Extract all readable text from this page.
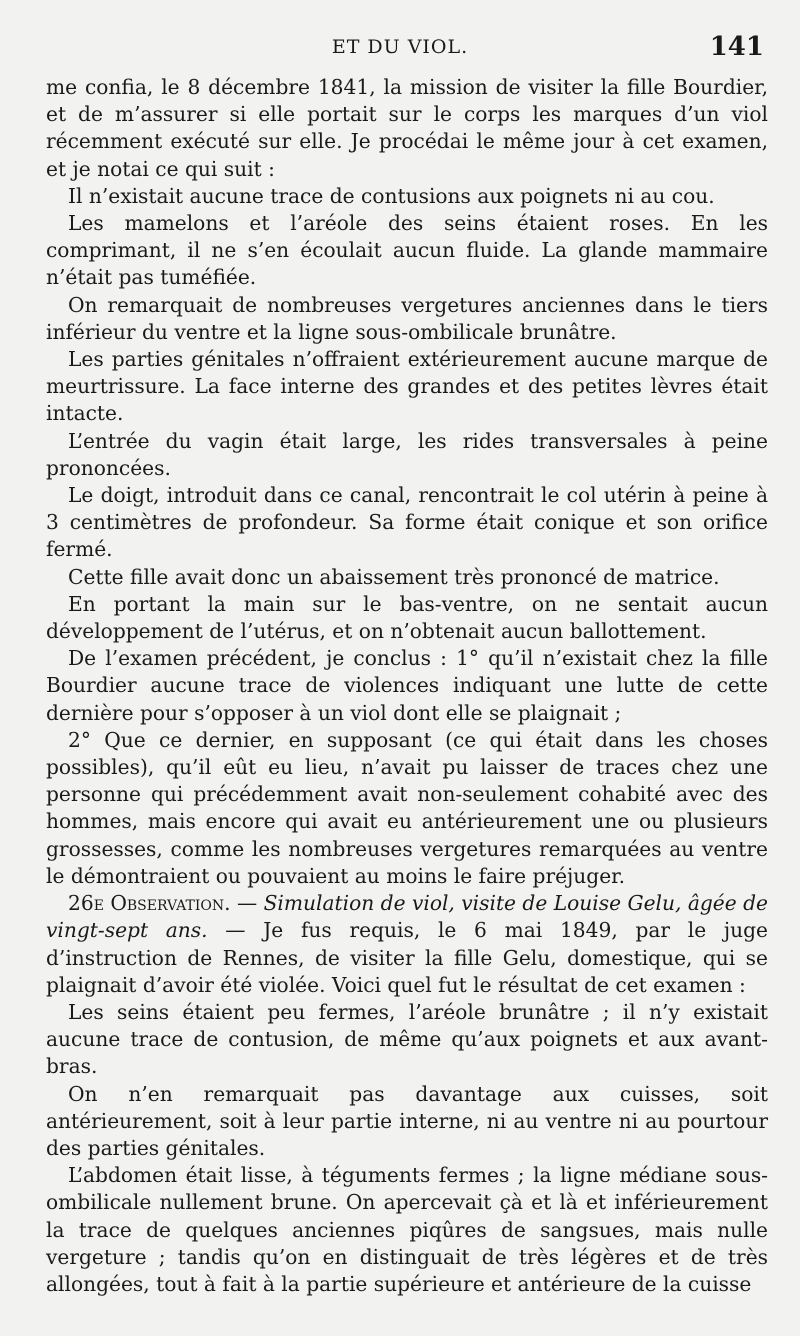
ET DU VIOL.	141

me confia, le 8 décembre 1841, la mission de visiter la fille Bourdier, et de m’assurer si elle portait sur le corps les marques d’un viol récemment exécuté sur elle. Je procédai le même jour à cet examen, et je notai ce qui suit :

Il n’existait aucune trace de contusions aux poignets ni au cou.

Les mamelons et l’aréole des seins étaient roses. En les comprimant, il ne s’en écoulait aucun fluide. La glande mammaire n’était pas tuméfiée.

On remarquait de nombreuses vergetures anciennes dans le tiers inférieur du ventre et la ligne sous-ombilicale brunâtre.

Les parties génitales n’offraient extérieurement aucune marque de meurtrissure. La face interne des grandes et des petites lèvres était intacte.

L’entrée du vagin était large, les rides transversales à peine prononcées.

Le doigt, introduit dans ce canal, rencontrait le col utérin à peine à 3 centimètres de profondeur. Sa forme était conique et son orifice fermé.

Cette fille avait donc un abaissement très prononcé de matrice.

En portant la main sur le bas-ventre, on ne sentait aucun développement de l’utérus, et on n’obtenait aucun ballottement.

De l’examen précédent, je conclus : 1° qu’il n’existait chez la fille Bourdier aucune trace de violences indiquant une lutte de cette dernière pour s’opposer à un viol dont elle se plaignait ;

2° Que ce dernier, en supposant (ce qui était dans les choses possibles), qu’il eût eu lieu, n’avait pu laisser de traces chez une personne qui précédemment avait non-seulement cohabité avec des hommes, mais encore qui avait eu antérieurement une ou plusieurs grossesses, comme les nombreuses vergetures remarquées au ventre le démontraient ou pouvaient au moins le faire préjuger.

26e Observation. — Simulation de viol, visite de Louise Gelu, âgée de vingt-sept ans. — Je fus requis, le 6 mai 1849, par le juge d’instruction de Rennes, de visiter la fille Gelu, domestique, qui se plaignait d’avoir été violée. Voici quel fut le résultat de cet examen :

Les seins étaient peu fermes, l’aréole brunâtre ; il n’y existait aucune trace de contusion, de même qu’aux poignets et aux avant-bras.

On n’en remarquait pas davantage aux cuisses, soit antérieurement, soit à leur partie interne, ni au ventre ni au pourtour des parties génitales.

L’abdomen était lisse, à téguments fermes ; la ligne médiane sous-ombilicale nullement brune. On apercevait çà et là et inférieurement la trace de quelques anciennes piqûres de sangsues, mais nulle vergeture ; tandis qu’on en distinguait de très légères et de très allongées, tout à fait à la partie supérieure et antérieure de la cuisse
